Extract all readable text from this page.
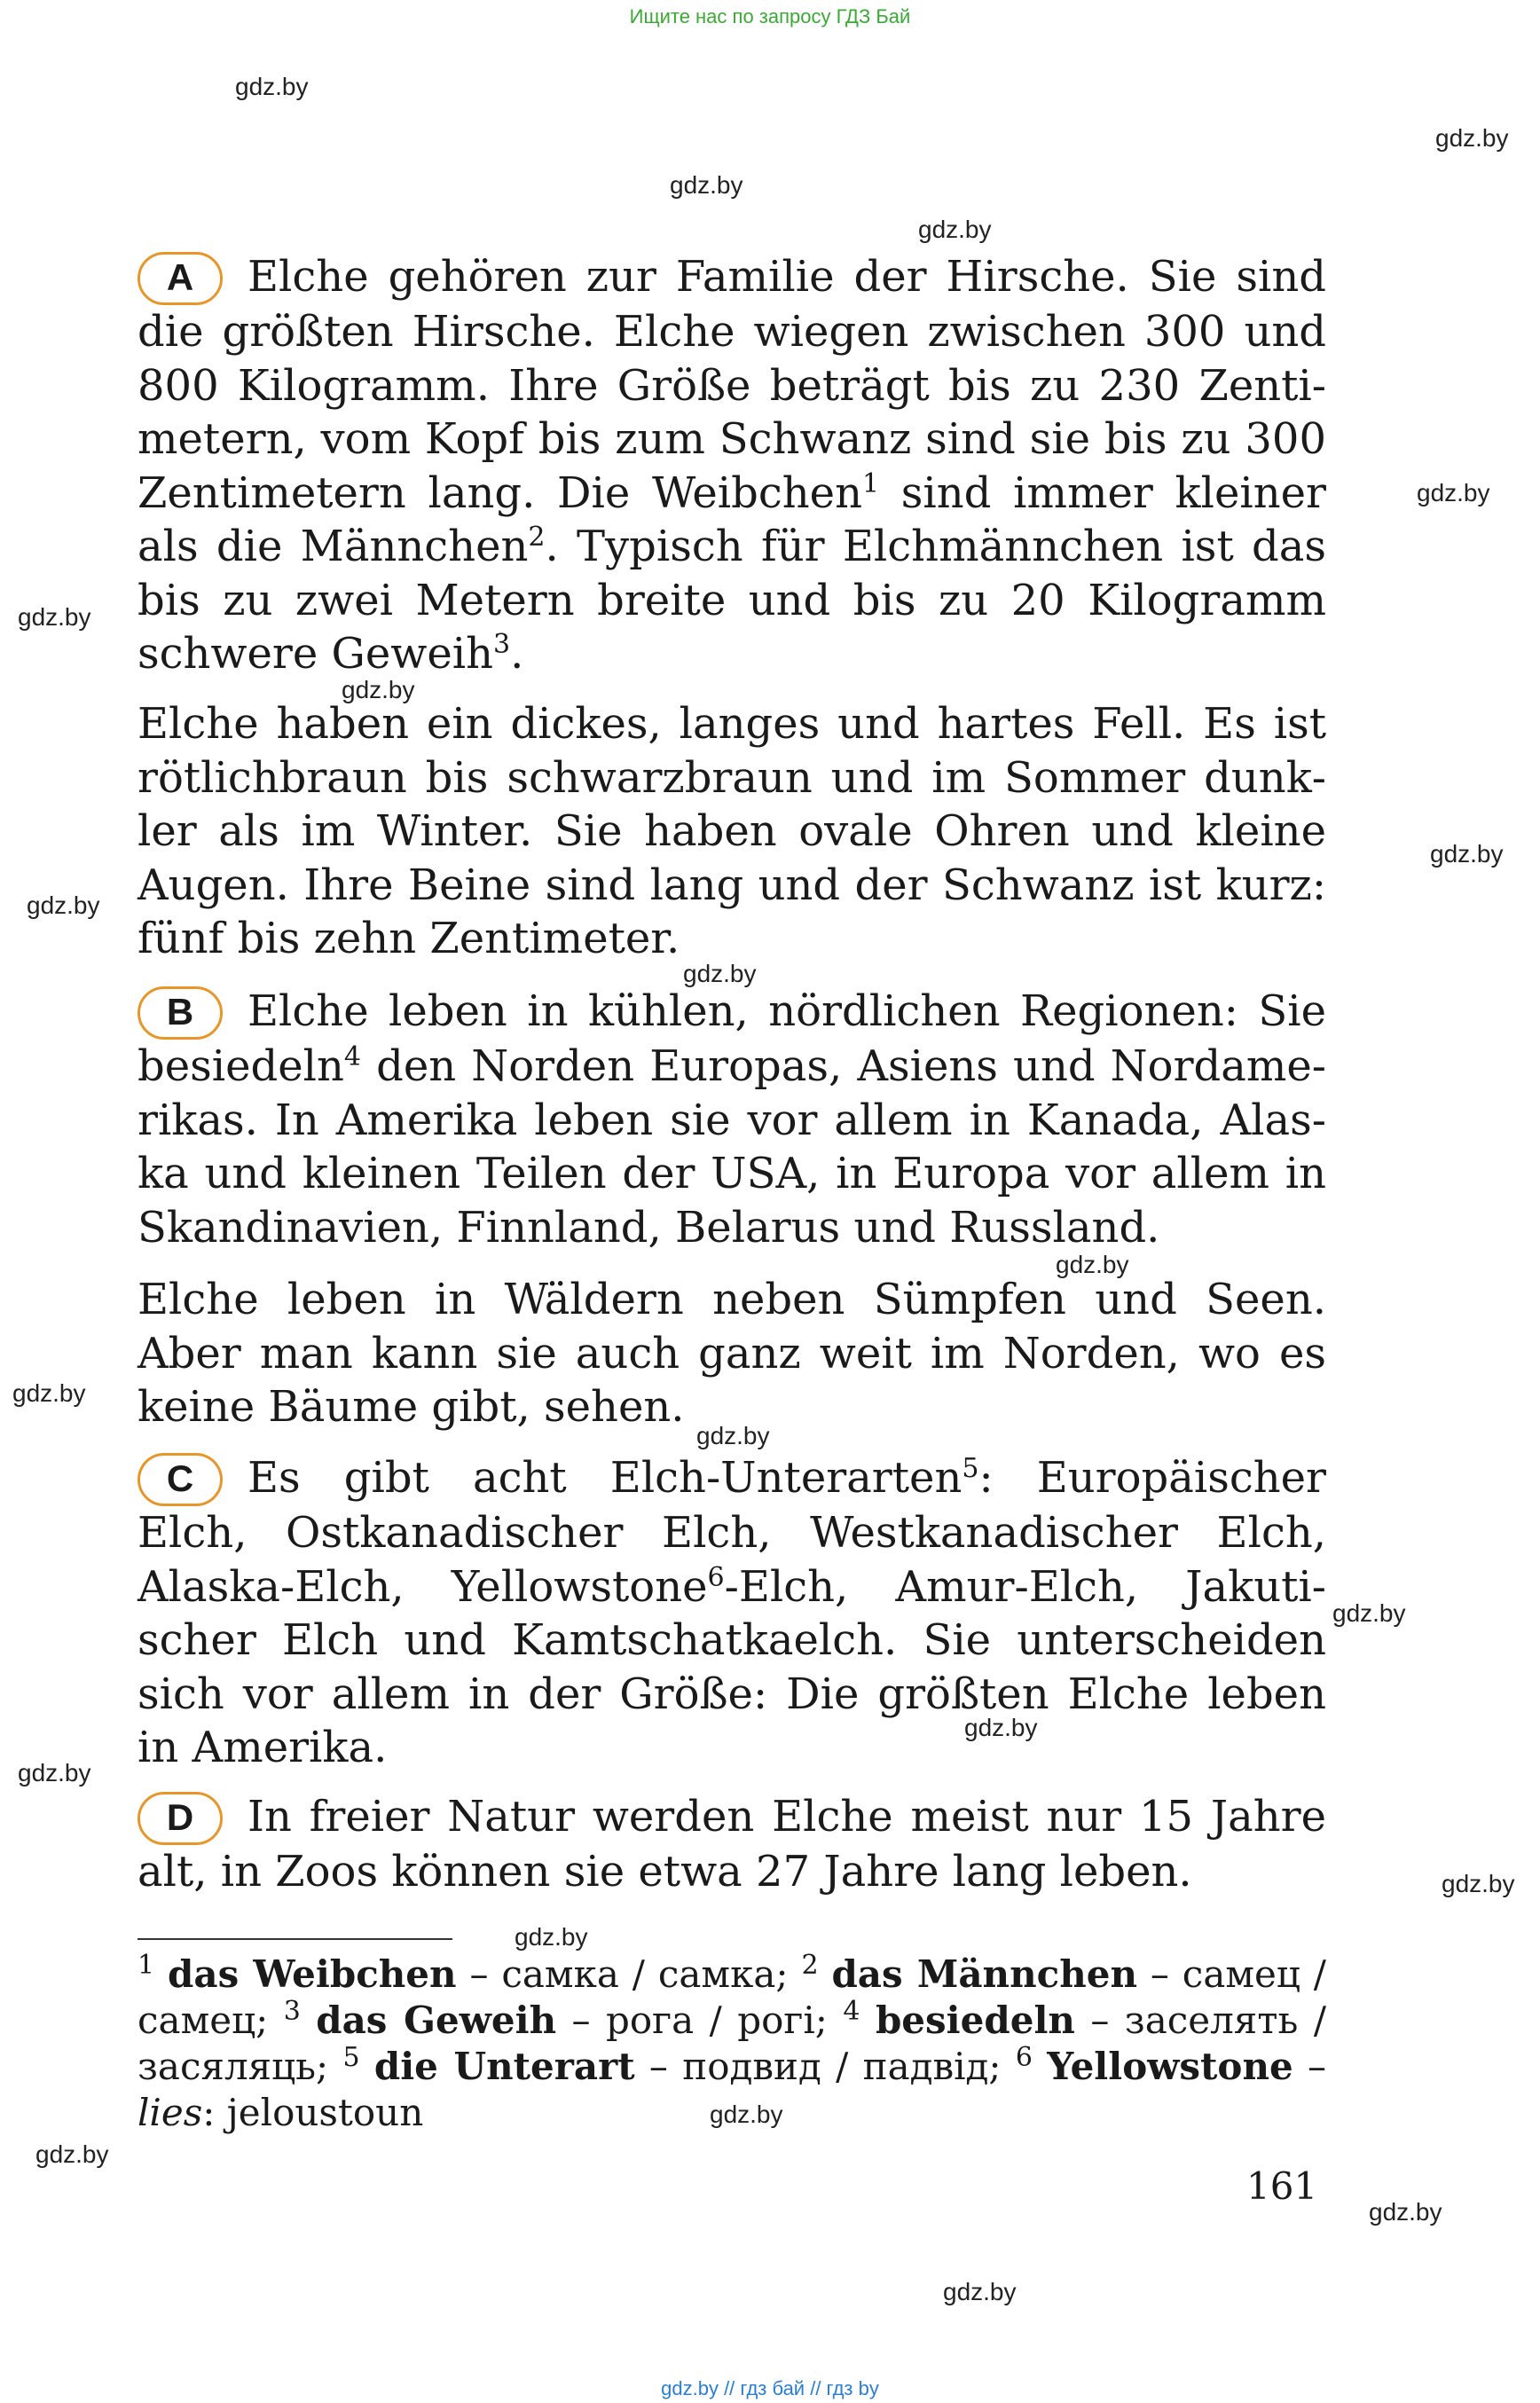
Ищите нас по запросу ГДЗ Бай
gdz.by
gdz.by
gdz.by
gdz.by
gdz.by
gdz.by
gdz.by
gdz.by
gdz.by
gdz.by
gdz.by
gdz.by
gdz.by
gdz.by
gdz.by
gdz.by
gdz.by
gdz.by
gdz.by
gdz.by
gdz.by
gdz.by
A Elche gehören zur Familie der Hirsche. Sie sind die größten Hirsche. Elche wiegen zwischen 300 und 800 Kilogramm. Ihre Größe beträgt bis zu 230 Zentimetern, vom Kopf bis zum Schwanz sind sie bis zu 300 Zentimetern lang. Die Weibchen$^1$ sind immer kleiner als die Männchen$^2$. Typisch für Elchmännchen ist das bis zu zwei Metern breite und bis zu 20 Kilogramm schwere Geweih$^3$.
Elche haben ein dickes, langes und hartes Fell. Es ist rötlichbraun bis schwarzbraun und im Sommer dunkler als im Winter. Sie haben ovale Ohren und kleine Augen. Ihre Beine sind lang und der Schwanz ist kurz: fünf bis zehn Zentimeter.
B Elche leben in kühlen, nördlichen Regionen: Sie besiedeln$^4$ den Norden Europas, Asiens und Nordamerikas. In Amerika leben sie vor allem in Kanada, Alaska und kleinen Teilen der USA, in Europa vor allem in Skandinavien, Finnland, Belarus und Russland.
Elche leben in Wäldern neben Sümpfen und Seen. Aber man kann sie auch ganz weit im Norden, wo es keine Bäume gibt, sehen.
C Es gibt acht Elch-Unterarten$^5$: Europäischer Elch, Ostkanadischer Elch, Westkanadischer Elch, Alaska-Elch, Yellowstone$^6$-Elch, Amur-Elch, Jakutischer Elch und Kamtschatkaelch. Sie unterscheiden sich vor allem in der Größe: Die größten Elche leben in Amerika.
D In freier Natur werden Elche meist nur 15 Jahre alt, in Zoos können sie etwa 27 Jahre lang leben.
$^1$ das Weibchen – самка / самка; $^2$ das Männchen – самец / самец; $^3$ das Geweih – рога / рогі; $^4$ besiedeln – заселять / засяляць; $^5$ die Unterart – подвид / падвід; $^6$ Yellowstone – lies: jeloustoun
161
gdz.by // гдз бай // гдз by
